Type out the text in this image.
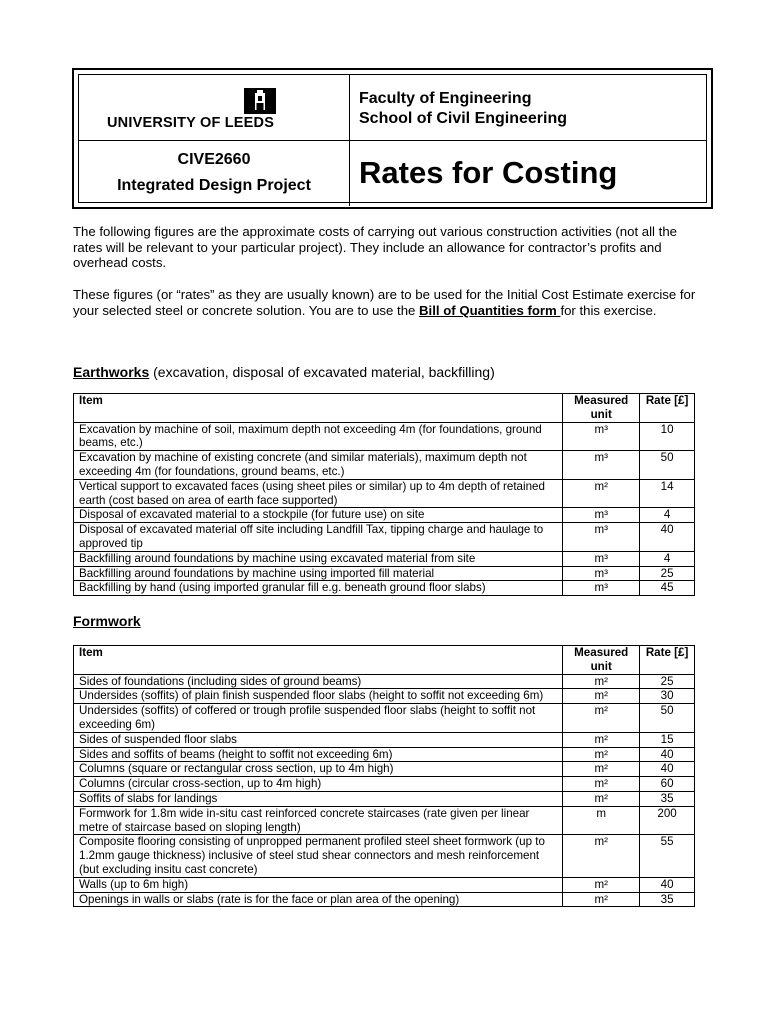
UNIVERSITY OF LEEDS
Faculty of Engineering
School of Civil Engineering
CIVE2660
Integrated Design Project	Rates for Costing
The following figures are the approximate costs of carrying out various construction activities (not all the rates will be relevant to your particular project). They include an allowance for contractor’s profits and overhead costs.
These figures (or “rates” as they are usually known) are to be used for the Initial Cost Estimate exercise for your selected steel or concrete solution. You are to use the Bill of Quantities form for this exercise.
Earthworks (excavation, disposal of excavated material, backfilling)
Item	Measured unit	Rate [£]
Excavation by machine of soil, maximum depth not exceeding 4m (for foundations, ground beams, etc.)	m³	10
Excavation by machine of existing concrete (and similar materials), maximum depth not exceeding 4m (for foundations, ground beams, etc.)	m³	50
Vertical support to excavated faces (using sheet piles or similar) up to 4m depth of retained earth (cost based on area of earth face supported)	m²	14
Disposal of excavated material to a stockpile (for future use) on site	m³	4
Disposal of excavated material off site including Landfill Tax, tipping charge and haulage to approved tip	m³	40
Backfilling around foundations by machine using excavated material from site	m³	4
Backfilling around foundations by machine using imported fill material	m³	25
Backfilling by hand (using imported granular fill e.g. beneath ground floor slabs)	m³	45
Formwork
Item	Measured unit	Rate [£]
Sides of foundations (including sides of ground beams)	m²	25
Undersides (soffits) of plain finish suspended floor slabs (height to soffit not exceeding 6m)	m²	30
Undersides (soffits) of coffered or trough profile suspended floor slabs (height to soffit not exceeding 6m)	m²	50
Sides of suspended floor slabs	m²	15
Sides and soffits of beams (height to soffit not exceeding 6m)	m²	40
Columns (square or rectangular cross section, up to 4m high)	m²	40
Columns (circular cross-section, up to 4m high)	m²	60
Soffits of slabs for landings	m²	35
Formwork for 1.8m wide in-situ cast reinforced concrete staircases (rate given per linear metre of staircase based on sloping length)	m	200
Composite flooring consisting of unpropped permanent profiled steel sheet formwork (up to 1.2mm gauge thickness) inclusive of steel stud shear connectors and mesh reinforcement (but excluding insitu cast concrete)	m²	55
Walls (up to 6m high)	m²	40
Openings in walls or slabs (rate is for the face or plan area of the opening)	m²	35
